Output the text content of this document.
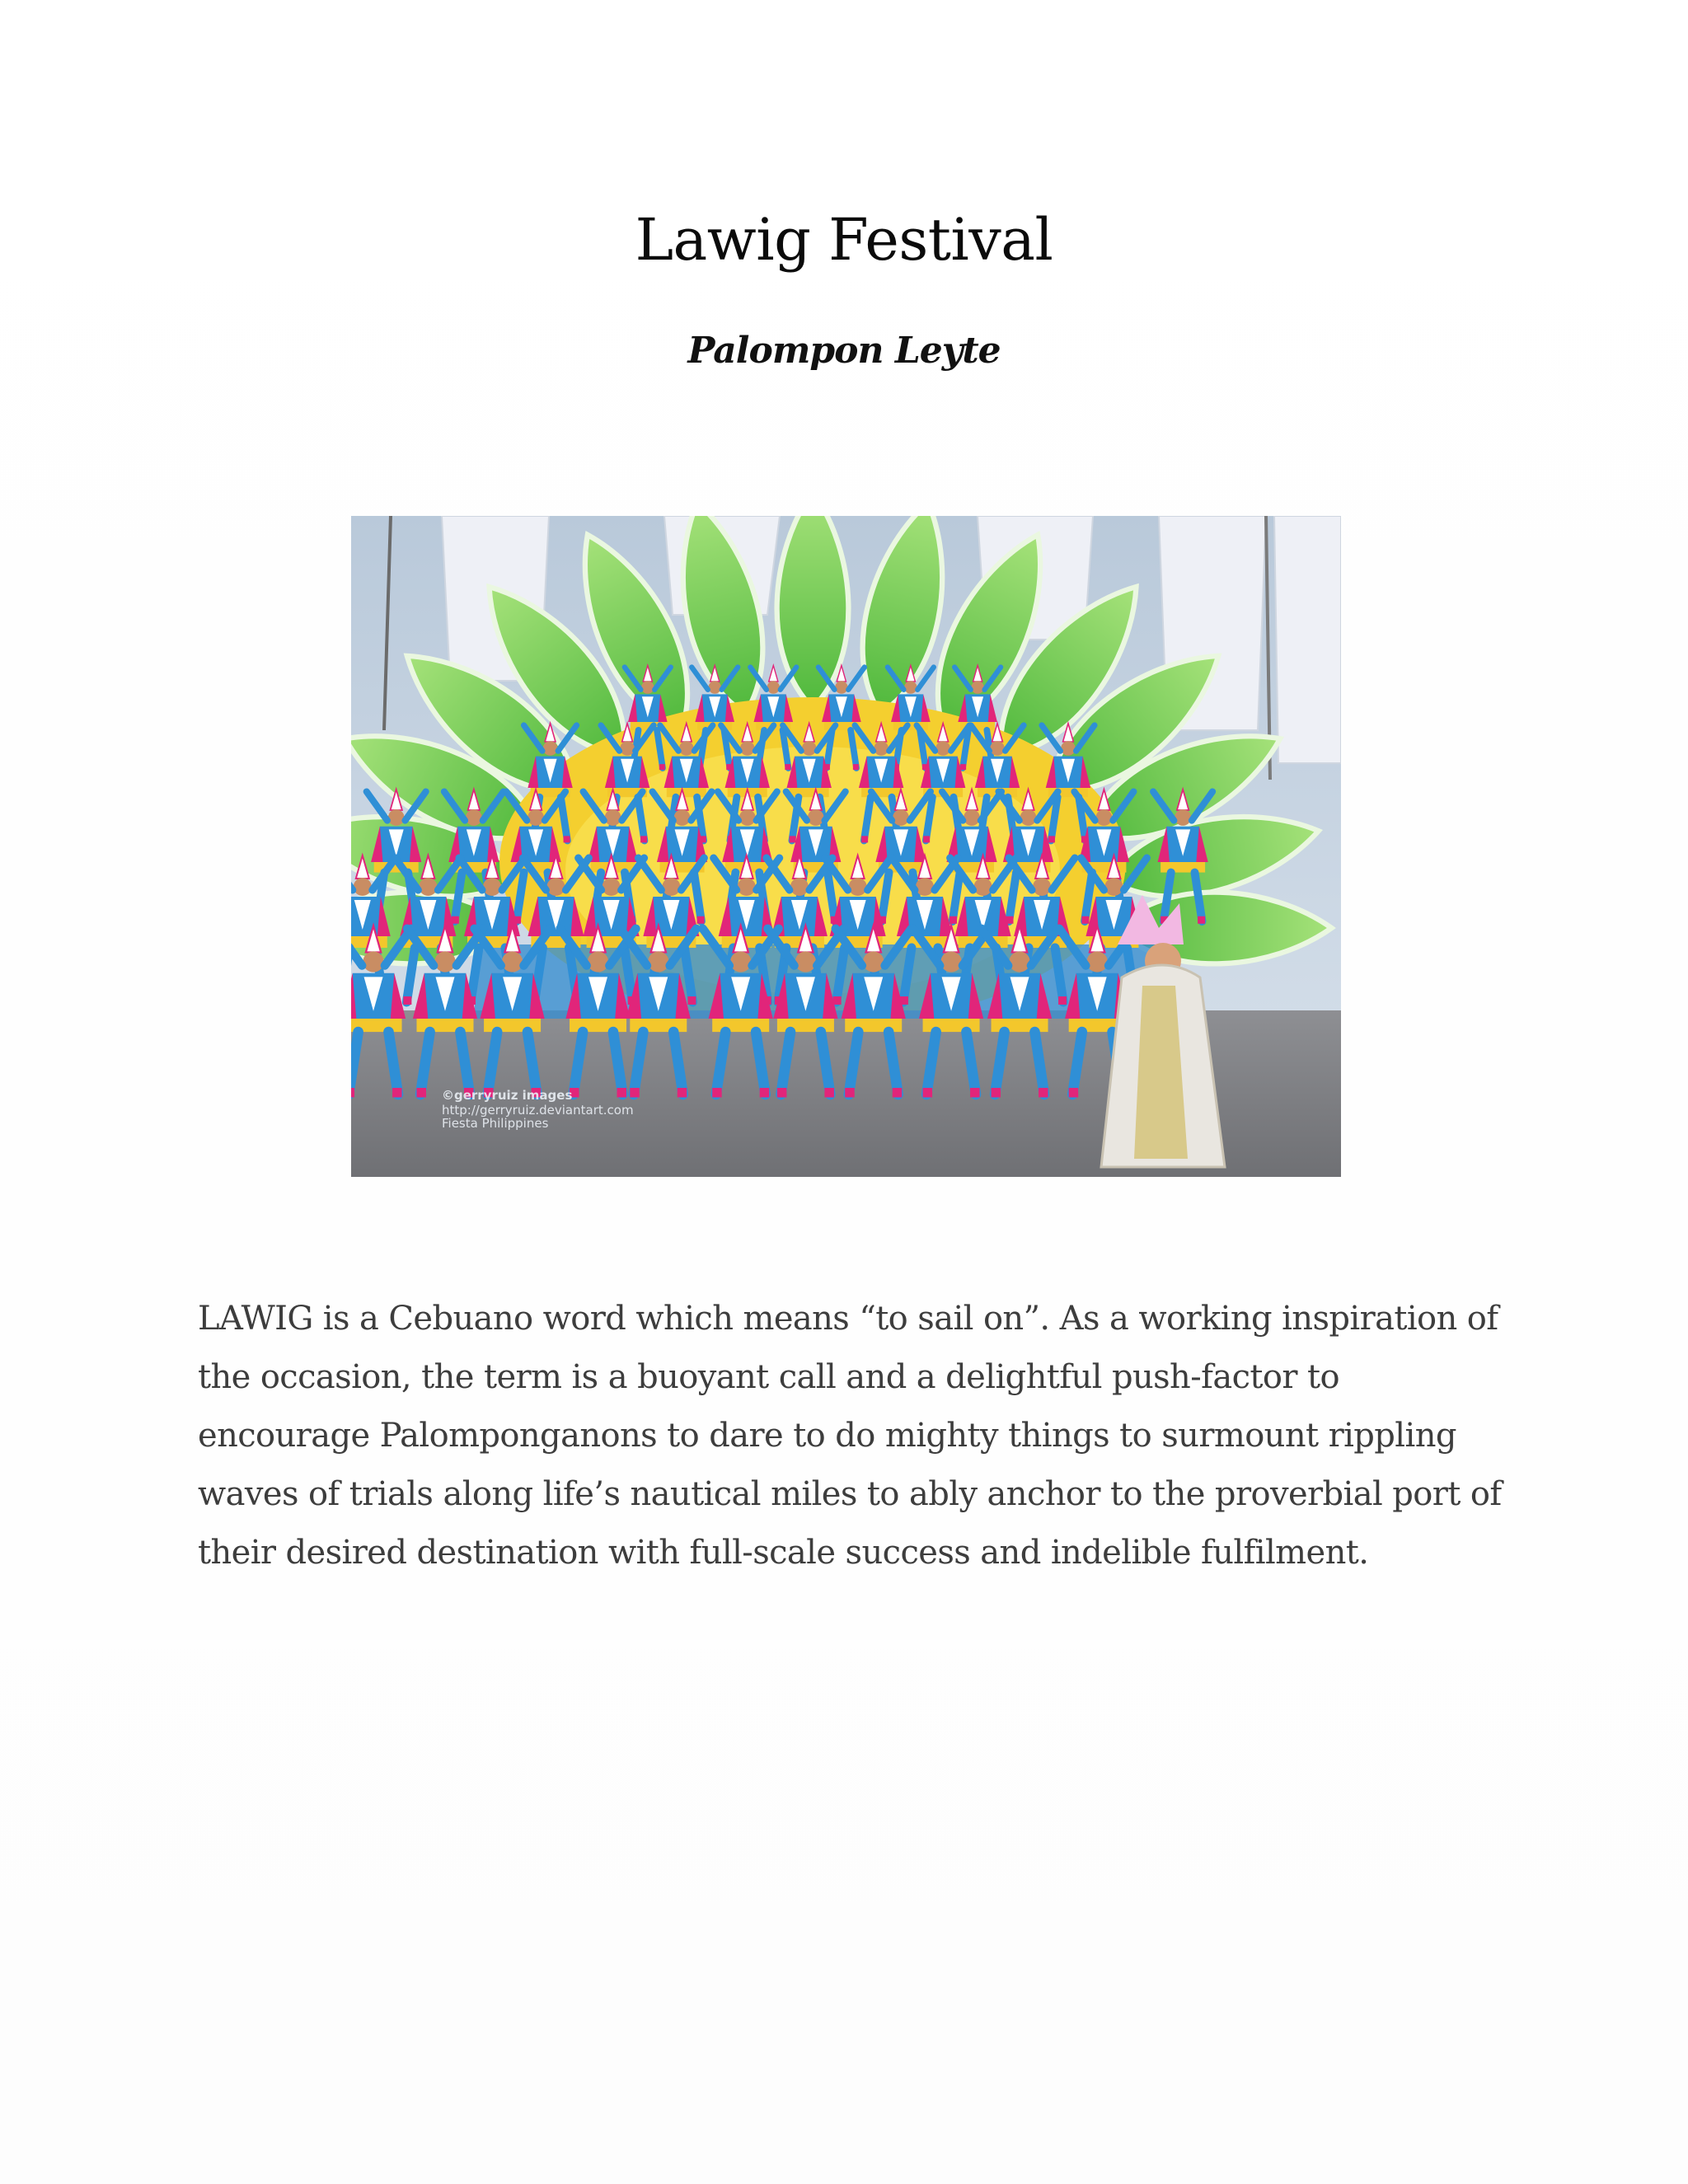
Lawig Festival
Palompon Leyte
©gerryruiz images
http://gerryruiz.deviantart.com
Fiesta Philippines

LAWIG is a Cebuano word which means “to sail on”. As a working inspiration of the occasion, the term is a buoyant call and a delightful push-factor to encourage Palomponganons to dare to do mighty things to surmount rippling waves of trials along life’s nautical miles to ably anchor to the proverbial port of their desired destination with full-scale success and indelible fulfilment.
